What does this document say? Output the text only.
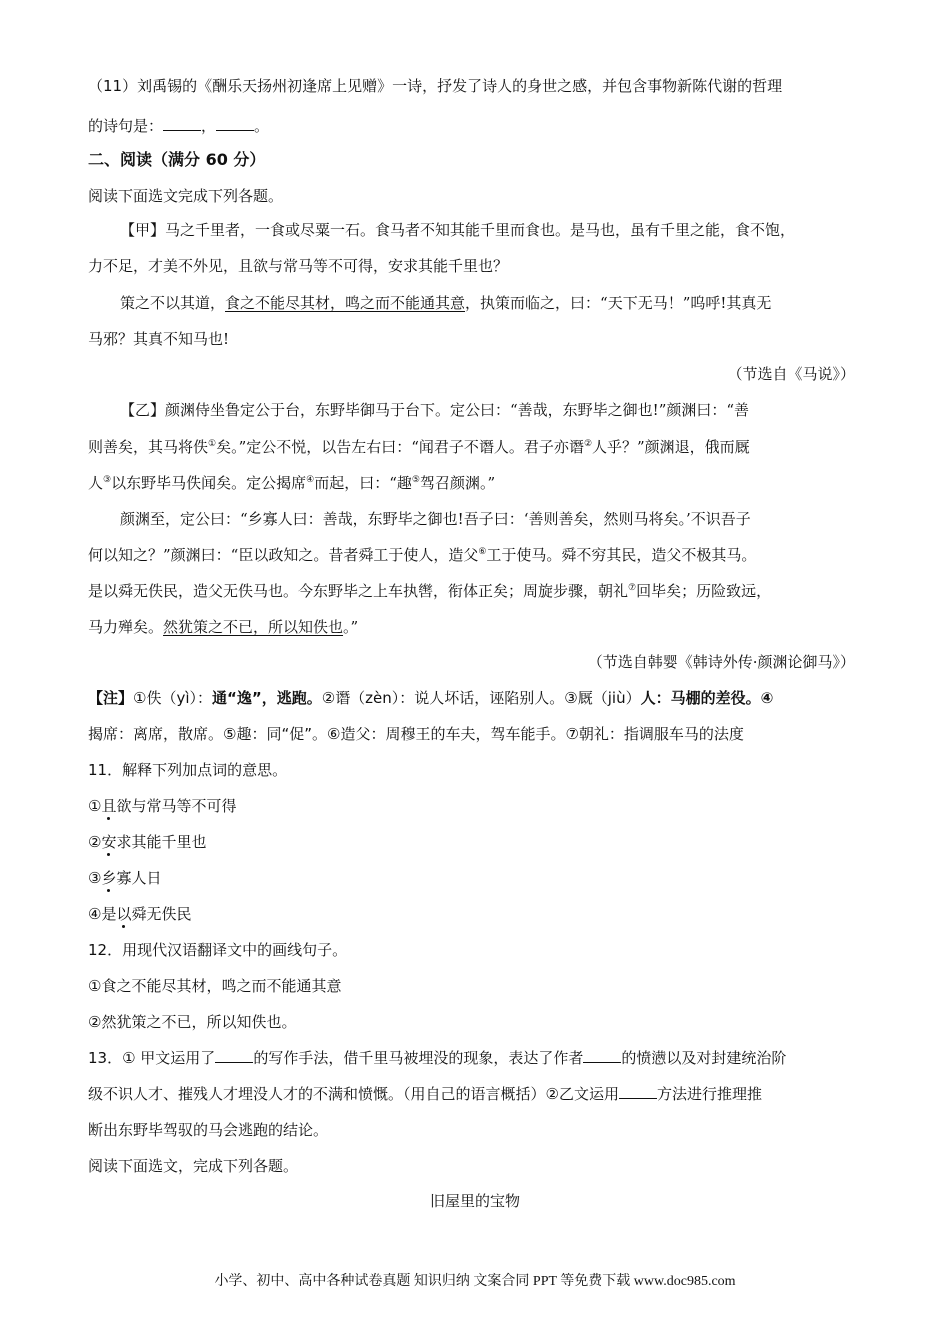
（11）刘禹锡的《酬乐天扬州初逢席上见赠》一诗，抒发了诗人的身世之感，并包含事物新陈代谢的哲理
的诗句是：	，	。
二、阅读（满分 60 分）
阅读下面选文完成下列各题。
【甲】马之千里者，一食或尽粟一石。食马者不知其能千里而食也。是马也，虽有千里之能，食不饱，
力不足，才美不外见，且欲与常马等不可得，安求其能千里也？
策之不以其道，食之不能尽其材，鸣之而不能通其意，执策而临之，曰：“天下无马！”呜呼!其真无
马邪？其真不知马也!
（节选自《马说》）
【乙】颜渊侍坐鲁定公于台，东野毕御马于台下。定公曰：“善哉，东野毕之御也!”颜渊曰：“善
则善矣，其马将佚①矣。”定公不悦，以告左右曰：“闻君子不谮人。君子亦谮②人乎？”颜渊退，俄而厩
人③以东野毕马佚闻矣。定公揭席④而起，曰：“趣⑤驾召颜渊。”
颜渊至，定公曰：“乡寡人曰：善哉，东野毕之御也!吾子曰：‘善则善矣，然则马将矣。’不识吾子
何以知之？”颜渊曰：“臣以政知之。昔者舜工于使人，造父⑥工于使马。舜不穷其民，造父不极其马。
是以舜无佚民，造父无佚马也。今东野毕之上车执辔，衔体正矣；周旋步骤，朝礼⑦回毕矣；历险致远，
马力殚矣。然犹策之不已，所以知佚也。”
（节选自韩婴《韩诗外传·颜渊论御马》）
【注】①佚（yì）：通“逸”，逃跑。②谮（zèn）：说人坏话，诬陷别人。③厩（jiù）人：马棚的差役。④
揭席：离席，散席。⑤趣：同“促”。⑥造父：周穆王的车夫，驾车能手。⑦朝礼：指调服车马的法度
11．解释下列加点词的意思。
①且欲与常马等不可得
②安求其能千里也
③乡寡人日
④是以舜无佚民
12．用现代汉语翻译文中的画线句子。
①食之不能尽其材，鸣之而不能通其意
②然犹策之不已，所以知佚也。
13．① 甲文运用了	的写作手法，借千里马被埋没的现象，表达了作者	的愤懑以及对封建统治阶
级不识人才、摧残人才埋没人才的不满和愤慨。（用自己的语言概括）②乙文运用	方法进行推理推
断出东野毕驾驭的马会逃跑的结论。
阅读下面选文，完成下列各题。
旧屋里的宝物
小学、初中、高中各种试卷真题 知识归纳 文案合同 PPT 等免费下载 www.doc985.com
